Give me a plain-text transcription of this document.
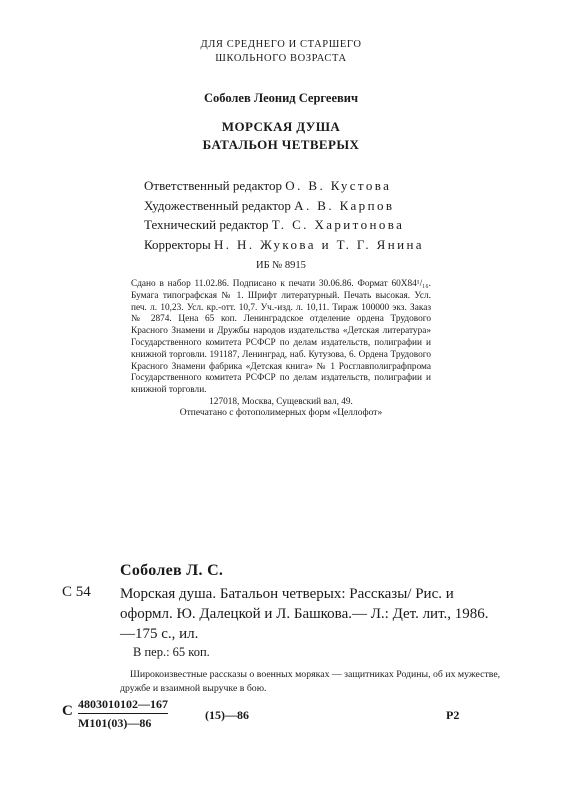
ДЛЯ СРЕДНЕГО И СТАРШЕГО
ШКОЛЬНОГО ВОЗРАСТА
Соболев Леонид Сергеевич
МОРСКАЯ ДУША
БАТАЛЬОН ЧЕТВЕРЫХ
Ответственный редактор О. В. Кустова
Художественный редактор А. В. Карпов
Технический редактор Т. С. Харитонова
Корректоры Н. Н. Жукова и Т. Г. Янина
ИБ № 8915
Сдано в набор 11.02.86. Подписано к печати 30.06.86. Формат 60Х84¹/₁₆. Бумага типографская № 1. Шрифт литературный. Печать высокая. Усл. печ. л. 10,23. Усл. кр.-отт. 10,7. Уч.-изд. л. 10,11. Тираж 100000 экз. Заказ № 2874. Цена 65 коп. Ленинградское отделение ордена Трудового Красного Знамени и Дружбы народов издательства «Детская литература» Государственного комитета РСФСР по делам издательств, полиграфии и книжной торговли. 191187, Ленинград, наб. Кутузова, 6. Ордена Трудового Красного Знамени фабрика «Детская книга» № 1 Росглавполиграфпрома Государственного комитета РСФСР по делам издательств, полиграфии и книжной торговли.
127018, Москва, Сущевский вал, 49.
Отпечатано с фотополимерных форм «Целлофот»
Соболев Л. С.
С 54 Морская душа. Батальон четверых: Рассказы/ Рис. и оформл. Ю. Далецкой и Л. Башкова.— Л.: Дет. лит., 1986.—175 с., ил.
В пер.: 65 коп.
Широкоизвестные рассказы о военных моряках — защитниках Родины, об их мужестве, дружбе и взаимной выручке в бою.
С 4803010102—167
М101(03)—86
(15)—86	Р2
